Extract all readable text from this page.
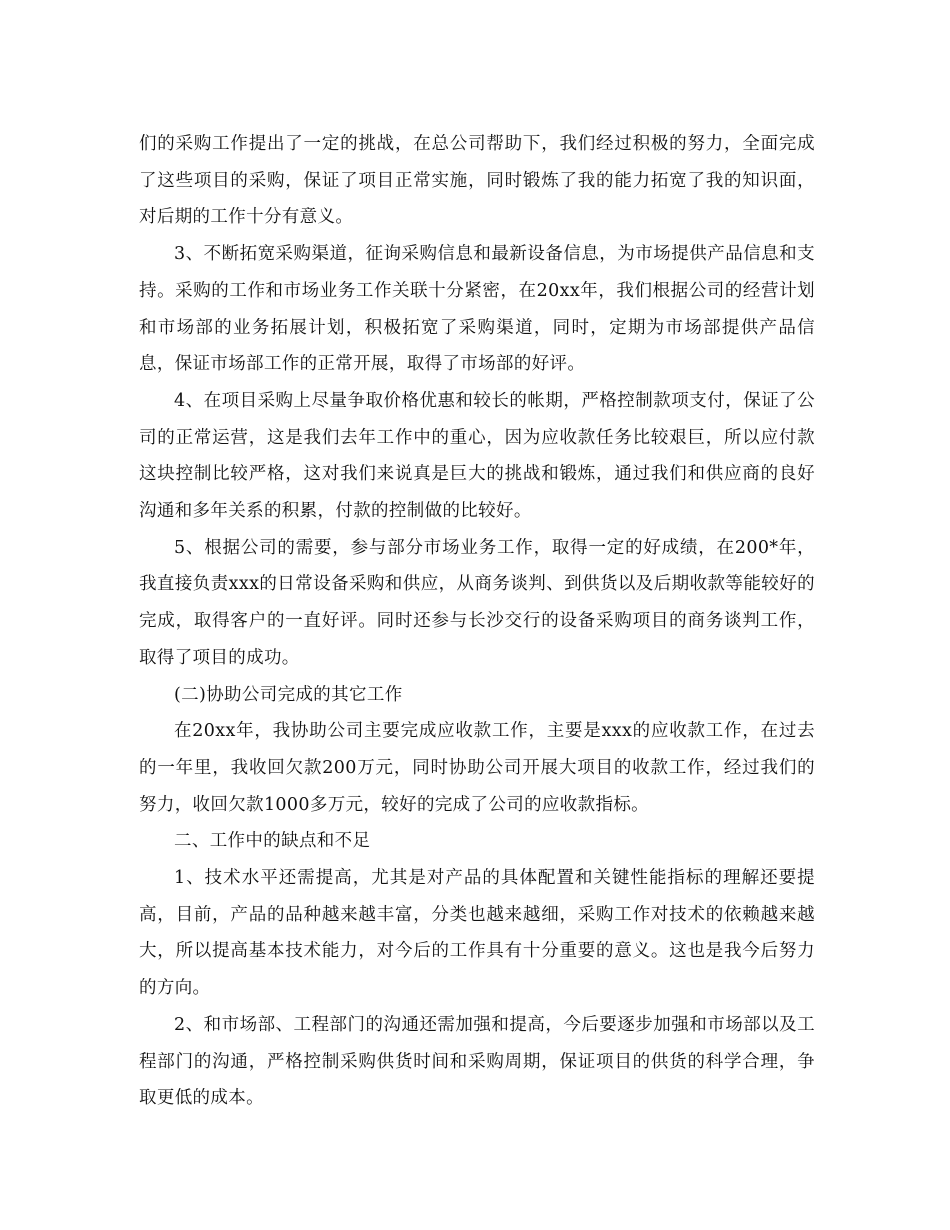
们的采购工作提出了一定的挑战，在总公司帮助下，我们经过积极的努力，全面完成了这些项目的采购，保证了项目正常实施，同时锻炼了我的能力拓宽了我的知识面，对后期的工作十分有意义。

3、不断拓宽采购渠道，征询采购信息和最新设备信息，为市场提供产品信息和支持。采购的工作和市场业务工作关联十分紧密，在20xx年，我们根据公司的经营计划和市场部的业务拓展计划，积极拓宽了采购渠道，同时，定期为市场部提供产品信息，保证市场部工作的正常开展，取得了市场部的好评。

4、在项目采购上尽量争取价格优惠和较长的帐期，严格控制款项支付，保证了公司的正常运营，这是我们去年工作中的重心，因为应收款任务比较艰巨，所以应付款这块控制比较严格，这对我们来说真是巨大的挑战和锻炼，通过我们和供应商的良好沟通和多年关系的积累，付款的控制做的比较好。

5、根据公司的需要，参与部分市场业务工作，取得一定的好成绩，在200*年，我直接负责xxx的日常设备采购和供应，从商务谈判、到供货以及后期收款等能较好的完成，取得客户的一直好评。同时还参与长沙交行的设备采购项目的商务谈判工作，取得了项目的成功。

(二)协助公司完成的其它工作

在20xx年，我协助公司主要完成应收款工作，主要是xxx的应收款工作，在过去的一年里，我收回欠款200万元，同时协助公司开展大项目的收款工作，经过我们的努力，收回欠款1000多万元，较好的完成了公司的应收款指标。

二、工作中的缺点和不足

1、技术水平还需提高，尤其是对产品的具体配置和关键性能指标的理解还要提高，目前，产品的品种越来越丰富，分类也越来越细，采购工作对技术的依赖越来越大，所以提高基本技术能力，对今后的工作具有十分重要的意义。这也是我今后努力的方向。

2、和市场部、工程部门的沟通还需加强和提高，今后要逐步加强和市场部以及工程部门的沟通，严格控制采购供货时间和采购周期，保证项目的供货的科学合理，争取更低的成本。
